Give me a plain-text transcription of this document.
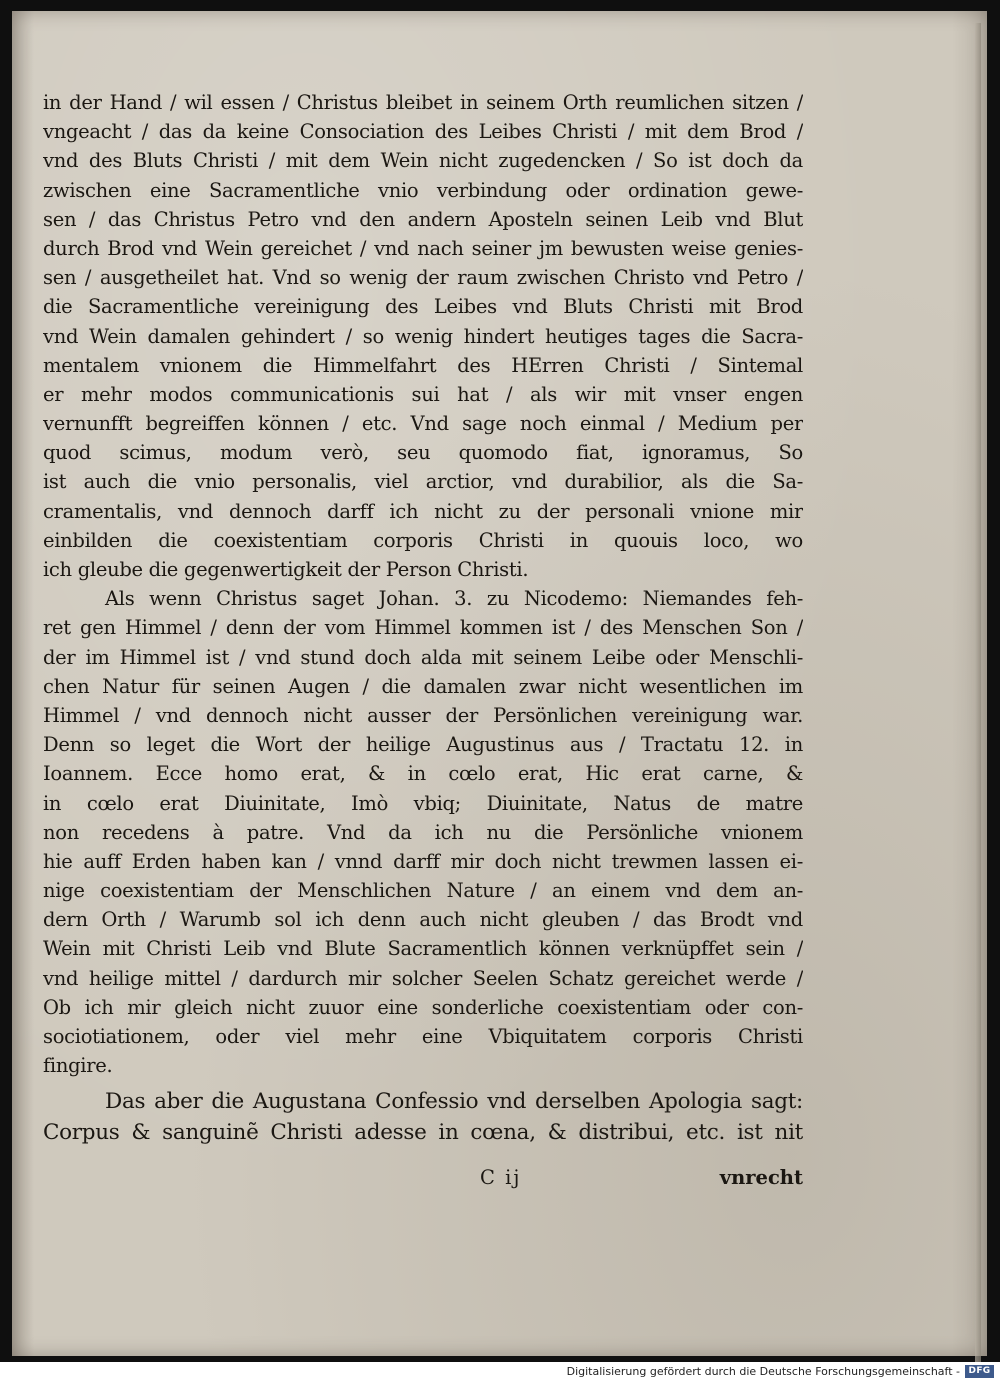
in der Hand / wil essen / Christus bleibet in seinem Orth reumlichen sitzen /
vngeacht / das da keine Consociation des Leibes Christi / mit dem Brod /
vnd des Bluts Christi / mit dem Wein nicht zugedencken / So ist doch da
zwischen eine Sacramentliche vnio verbindung oder ordination gewe-
sen / das Christus Petro vnd den andern Aposteln seinen Leib vnd Blut
durch Brod vnd Wein gereichet / vnd nach seiner jm bewusten weise genies-
sen / ausgetheilet hat. Vnd so wenig der raum zwischen Christo vnd Petro /
die Sacramentliche vereinigung des Leibes vnd Bluts Christi mit Brod
vnd Wein damalen gehindert / so wenig hindert heutiges tages die Sacra-
mentalem vnionem die Himmelfahrt des HErren Christi / Sintemal
er mehr modos communicationis sui hat / als wir mit vnser engen
vernunfft begreiffen können / etc. Vnd sage noch einmal / Medium per
quod scimus, modum verò, seu quomodo fiat, ignoramus, So
ist auch die vnio personalis, viel arctior, vnd durabilior, als die Sa-
cramentalis, vnd dennoch darff ich nicht zu der personali vnione mir
einbilden die coexistentiam corporis Christi in quouis loco, wo
ich gleube die gegenwertigkeit der Person Christi.
Als wenn Christus saget Johan. 3. zu Nicodemo: Niemandes feh-
ret gen Himmel / denn der vom Himmel kommen ist / des Menschen Son /
der im Himmel ist / vnd stund doch alda mit seinem Leibe oder Menschli-
chen Natur für seinen Augen / die damalen zwar nicht wesentlichen im
Himmel / vnd dennoch nicht ausser der Persönlichen vereinigung war.
Denn so leget die Wort der heilige Augustinus aus / Tractatu 12. in
Ioannem. Ecce homo erat, & in cœlo erat, Hic erat carne, &
in cœlo erat Diuinitate, Imò vbiq; Diuinitate, Natus de matre
non recedens à patre. Vnd da ich nu die Persönliche vnionem
hie auff Erden haben kan / vnnd darff mir doch nicht trewmen lassen ei-
nige coexistentiam der Menschlichen Nature / an einem vnd dem an-
dern Orth / Warumb sol ich denn auch nicht gleuben / das Brodt vnd
Wein mit Christi Leib vnd Blute Sacramentlich können verknüpffet sein /
vnd heilige mittel / dardurch mir solcher Seelen Schatz gereichet werde /
Ob ich mir gleich nicht zuuor eine sonderliche coexistentiam oder con-
sociotiationem, oder viel mehr eine Vbiquitatem corporis Christi
fingire.
Das aber die Augustana Confessio vnd derselben Apologia sagt:
Corpus & sanguinẽ Christi adesse in cœna, & distribui, etc. ist nit
C ij	vnrecht
Digitalisierung gefördert durch die Deutsche Forschungsgemeinschaft - DFG
